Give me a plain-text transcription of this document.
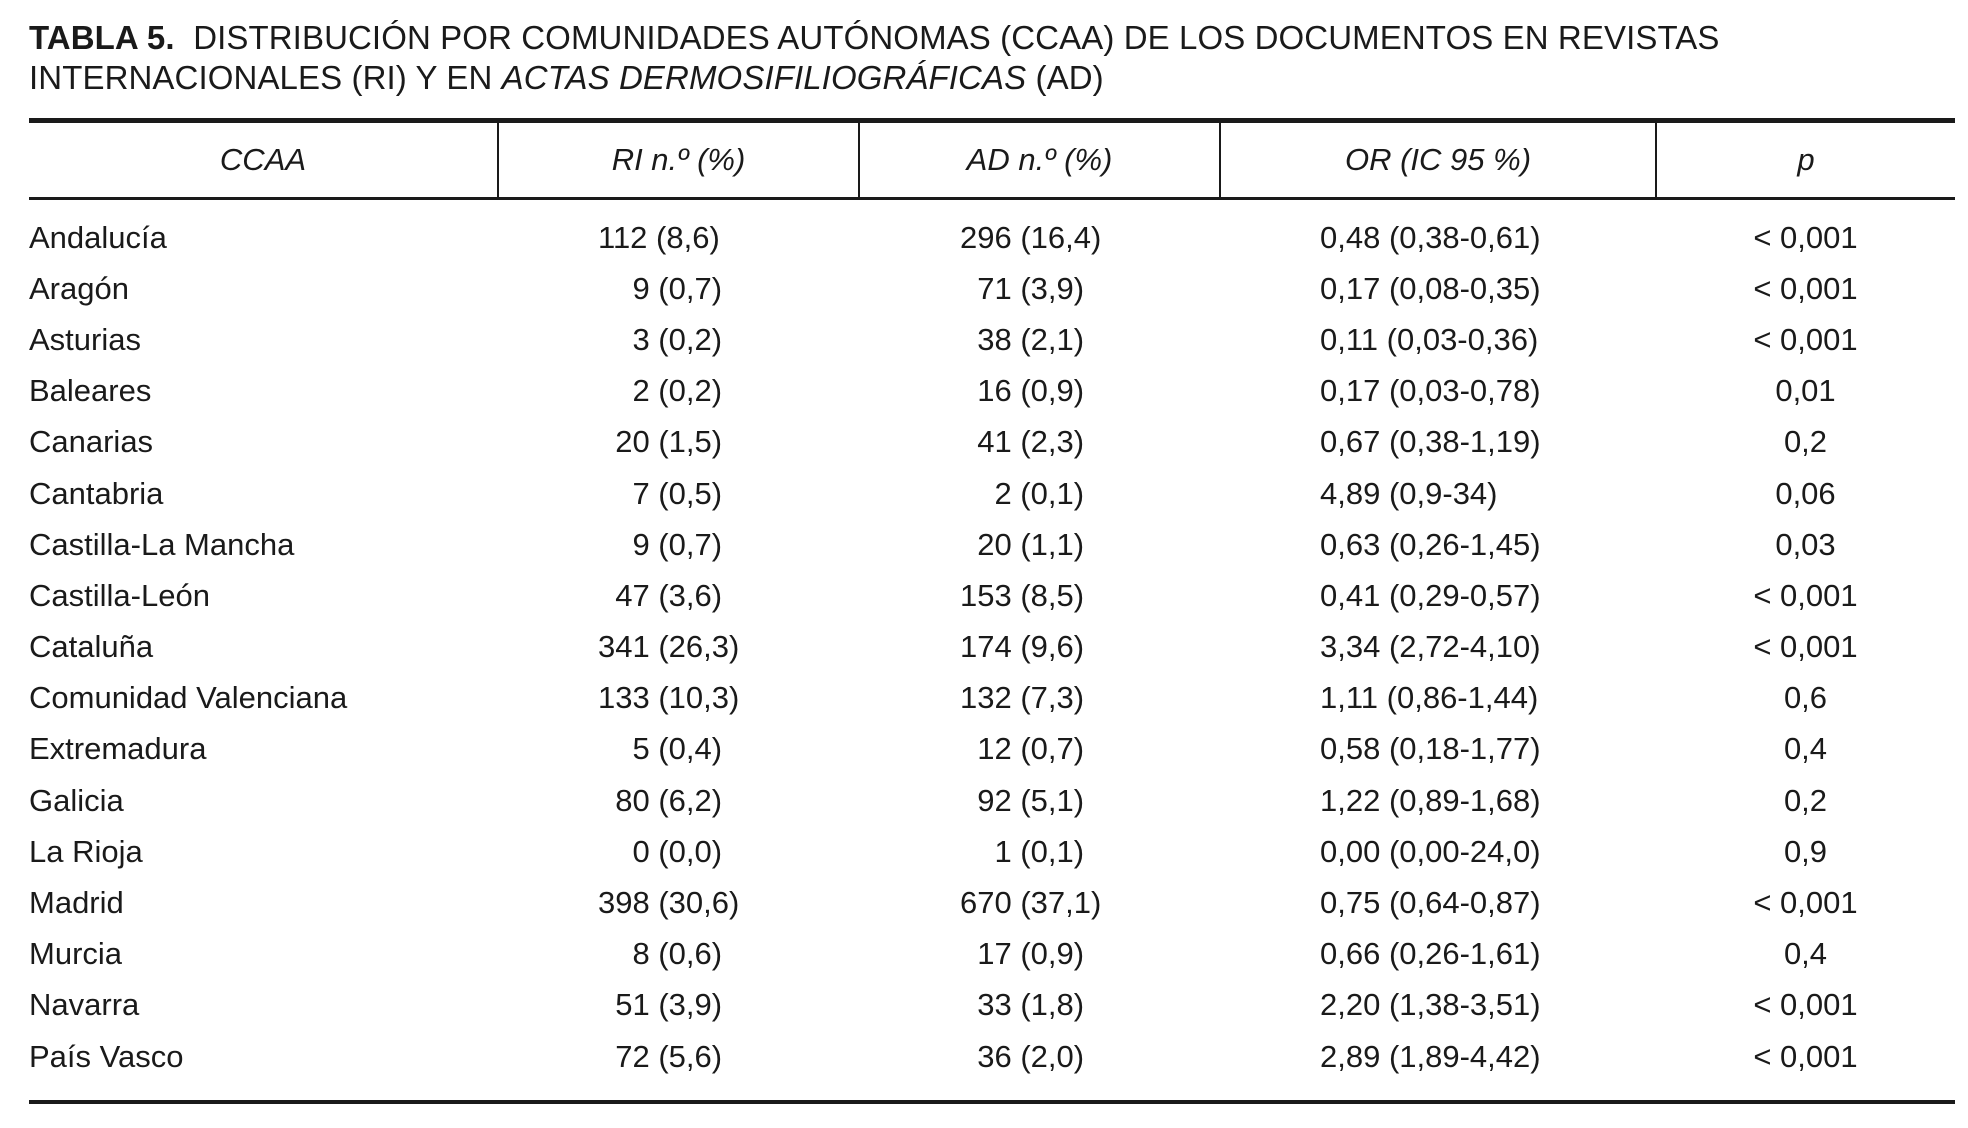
TABLA 5. DISTRIBUCIÓN POR COMUNIDADES AUTÓNOMAS (CCAA) DE LOS DOCUMENTOS EN REVISTAS INTERNACIONALES (RI) Y EN ACTAS DERMOSIFILIOGRÁFICAS (AD)

CCAA	RI n.º (%)	AD n.º (%)	OR (IC 95 %)	p

Andalucía	112 (8,6)	296 (16,4)	0,48 (0,38-0,61)	< 0,001
Aragón	9 (0,7)	71 (3,9)	0,17 (0,08-0,35)	< 0,001
Asturias	3 (0,2)	38 (2,1)	0,11 (0,03-0,36)	< 0,001
Baleares	2 (0,2)	16 (0,9)	0,17 (0,03-0,78)	0,01
Canarias	20 (1,5)	41 (2,3)	0,67 (0,38-1,19)	0,2
Cantabria	7 (0,5)	2 (0,1)	4,89 (0,9-34)	0,06
Castilla-La Mancha	9 (0,7)	20 (1,1)	0,63 (0,26-1,45)	0,03
Castilla-León	47 (3,6)	153 (8,5)	0,41 (0,29-0,57)	< 0,001
Cataluña	341 (26,3)	174 (9,6)	3,34 (2,72-4,10)	< 0,001
Comunidad Valenciana	133 (10,3)	132 (7,3)	1,11 (0,86-1,44)	0,6
Extremadura	5 (0,4)	12 (0,7)	0,58 (0,18-1,77)	0,4
Galicia	80 (6,2)	92 (5,1)	1,22 (0,89-1,68)	0,2
La Rioja	0 (0,0)	1 (0,1)	0,00 (0,00-24,0)	0,9
Madrid	398 (30,6)	670 (37,1)	0,75 (0,64-0,87)	< 0,001
Murcia	8 (0,6)	17 (0,9)	0,66 (0,26-1,61)	0,4
Navarra	51 (3,9)	33 (1,8)	2,20 (1,38-3,51)	< 0,001
País Vasco	72 (5,6)	36 (2,0)	2,89 (1,89-4,42)	< 0,001
